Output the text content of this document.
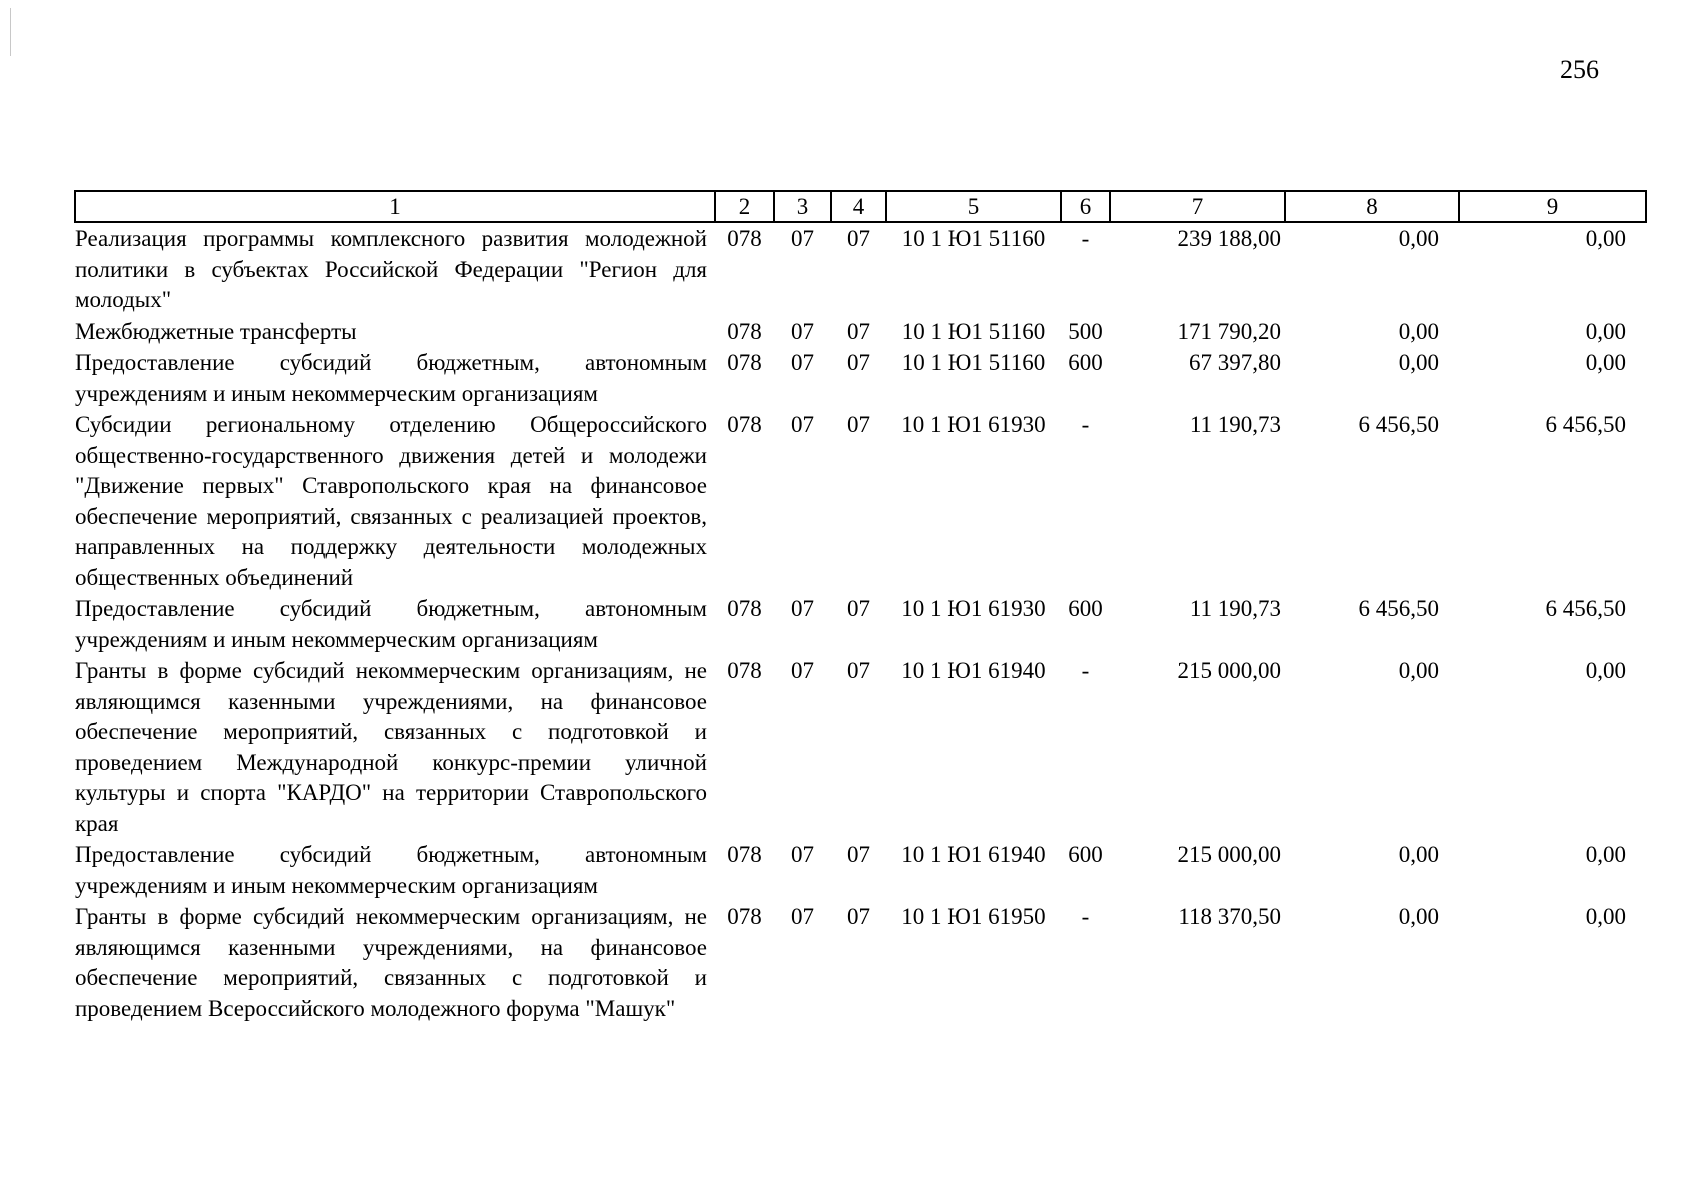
256
1	2	3	4	5	6	7	8	9
Реализация программы комплексного развития молодежной политики в субъектах Российской Федерации "Регион для молодых"	078	07	07	10 1 Ю1 51160	-	239 188,00	0,00	0,00
Межбюджетные трансферты	078	07	07	10 1 Ю1 51160	500	171 790,20	0,00	0,00
Предоставление субсидий бюджетным, автономным учреждениям и иным некоммерческим организациям	078	07	07	10 1 Ю1 51160	600	67 397,80	0,00	0,00
Субсидии региональному отделению Общероссийского общественно-государственного движения детей и молодежи "Движение первых" Ставропольского края на финансовое обеспечение мероприятий, связанных с реализацией проектов, направленных на поддержку деятельности молодежных общественных объединений	078	07	07	10 1 Ю1 61930	-	11 190,73	6 456,50	6 456,50
Предоставление субсидий бюджетным, автономным учреждениям и иным некоммерческим организациям	078	07	07	10 1 Ю1 61930	600	11 190,73	6 456,50	6 456,50
Гранты в форме субсидий некоммерческим организациям, не являющимся казенными учреждениями, на финансовое обеспечение мероприятий, связанных с подготовкой и проведением Международной конкурс-премии уличной культуры и спорта "КАРДО" на территории Ставропольского края	078	07	07	10 1 Ю1 61940	-	215 000,00	0,00	0,00
Предоставление субсидий бюджетным, автономным учреждениям и иным некоммерческим организациям	078	07	07	10 1 Ю1 61940	600	215 000,00	0,00	0,00
Гранты в форме субсидий некоммерческим организациям, не являющимся казенными учреждениями, на финансовое обеспечение мероприятий, связанных с подготовкой и проведением Всероссийского молодежного форума "Машук"	078	07	07	10 1 Ю1 61950	-	118 370,50	0,00	0,00
